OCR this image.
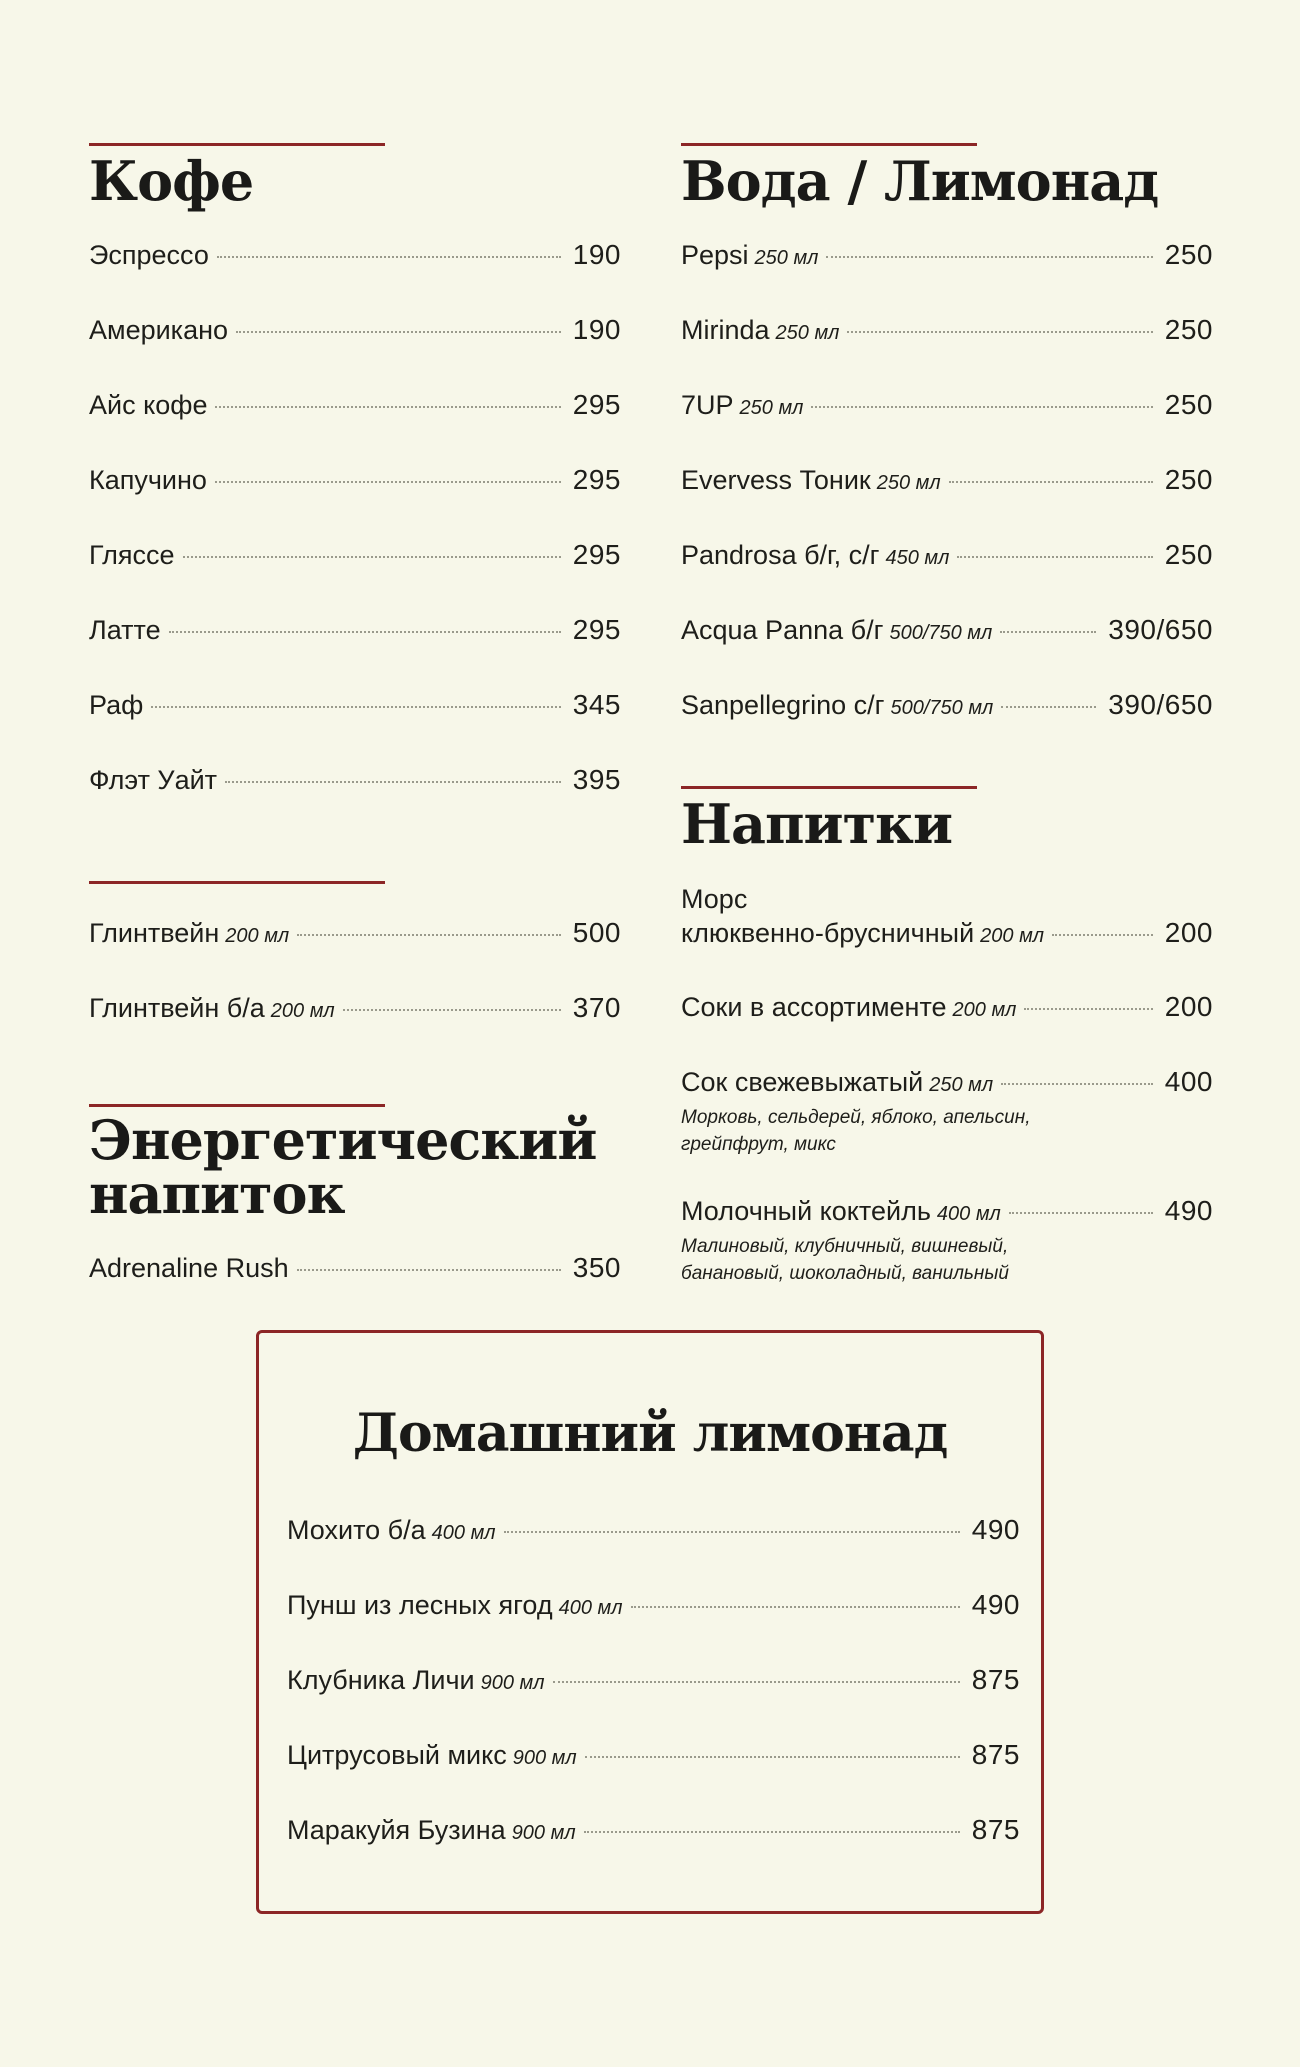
Кофе
Эспрессо	190
Американо	190
Айс кофе	295
Капучино	295
Гляссе	295
Латте	295
Раф	345
Флэт Уайт	395
Глинтвейн 200 мл	500
Глинтвейн б/а 200 мл	370
Энергетический
напиток
Adrenaline Rush	350
Вода / Лимонад
Pepsi 250 мл	250
Mirinda 250 мл	250
7UP 250 мл	250
Evervess Тоник 250 мл	250
Pandrosa б/г, с/г 450 мл	250
Acqua Panna б/г 500/750 мл	390/650
Sanpellegrino с/г 500/750 мл	390/650
Напитки
Морс
клюквенно-брусничный 200 мл	200
Соки в ассортименте 200 мл	200
Сок свежевыжатый 250 мл	400
Морковь, сельдерей, яблоко, апельсин, грейпфрут, микс
Молочный коктейль 400 мл	490
Малиновый, клубничный, вишневый, банановый, шоколадный, ванильный
Домашний лимонад
Мохито б/а 400 мл	490
Пунш из лесных ягод 400 мл	490
Клубника Личи 900 мл	875
Цитрусовый микс 900 мл	875
Маракуйя Бузина 900 мл	875
